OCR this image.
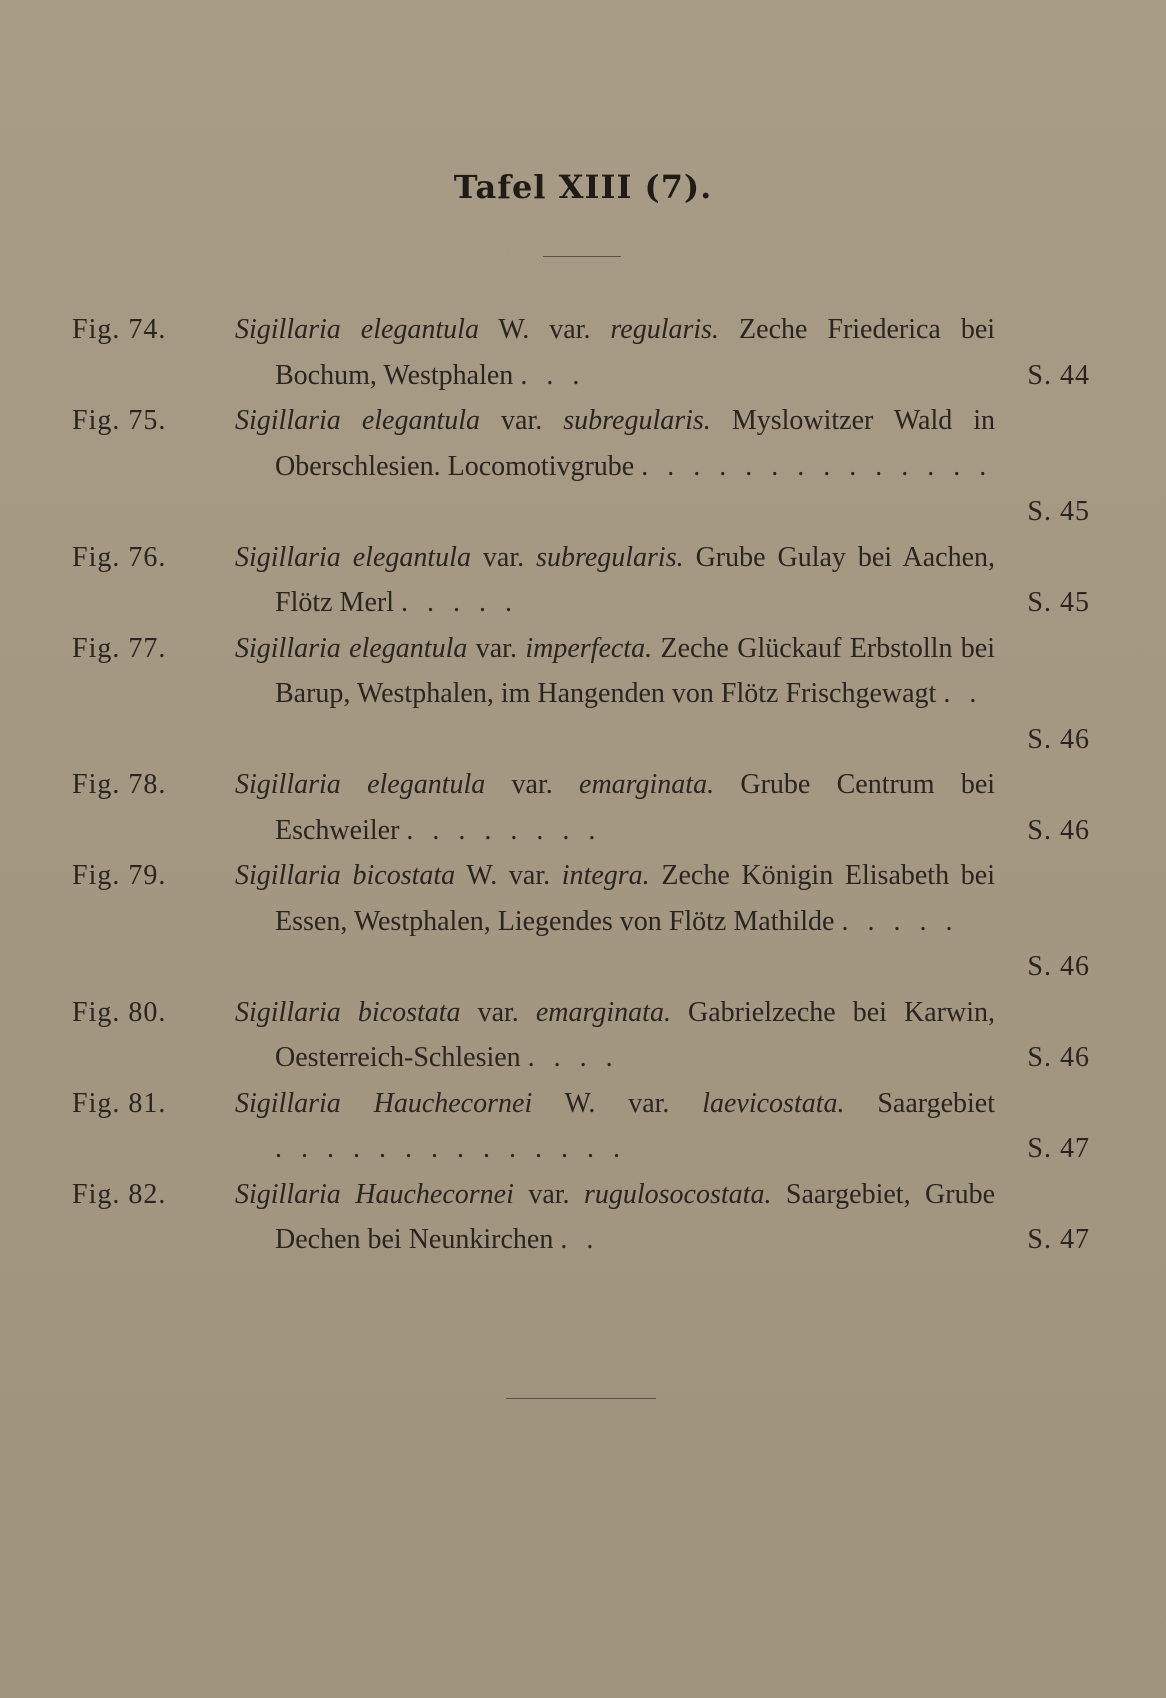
Tafel XIII (7).
Fig. 74.	Sigillaria elegantula W. var. regularis. Zeche Friederica bei Bochum, Westphalen . . .	S. 44
Fig. 75.	Sigillaria elegantula var. subregularis. Myslowitzer Wald in Oberschlesien. Locomotivgrube . . . . . . . . . . . . . .
S. 45
Fig. 76.	Sigillaria elegantula var. subregularis. Grube Gulay bei Aachen, Flötz Merl . . . . .	S. 45
Fig. 77.	Sigillaria elegantula var. imperfecta. Zeche Glückauf Erbstolln bei Barup, Westphalen, im Hangenden von Flötz Frischgewagt . .
S. 46
Fig. 78.	Sigillaria elegantula var. emarginata. Grube Centrum bei Eschweiler . . . . . . . .	S. 46
Fig. 79.	Sigillaria bicostata W. var. integra. Zeche Königin Elisabeth bei Essen, Westphalen, Liegendes von Flötz Mathilde . . . . .
S. 46
Fig. 80.	Sigillaria bicostata var. emarginata. Gabrielzeche bei Karwin, Oesterreich-Schlesien . . . .	S. 46
Fig. 81.	Sigillaria Hauchecornei W. var. laevicostata. Saargebiet . . . . . . . . . . . . . .	S. 47
Fig. 82.	Sigillaria Hauchecornei var. rugulosocostata. Saargebiet, Grube Dechen bei Neunkirchen . .	S. 47
